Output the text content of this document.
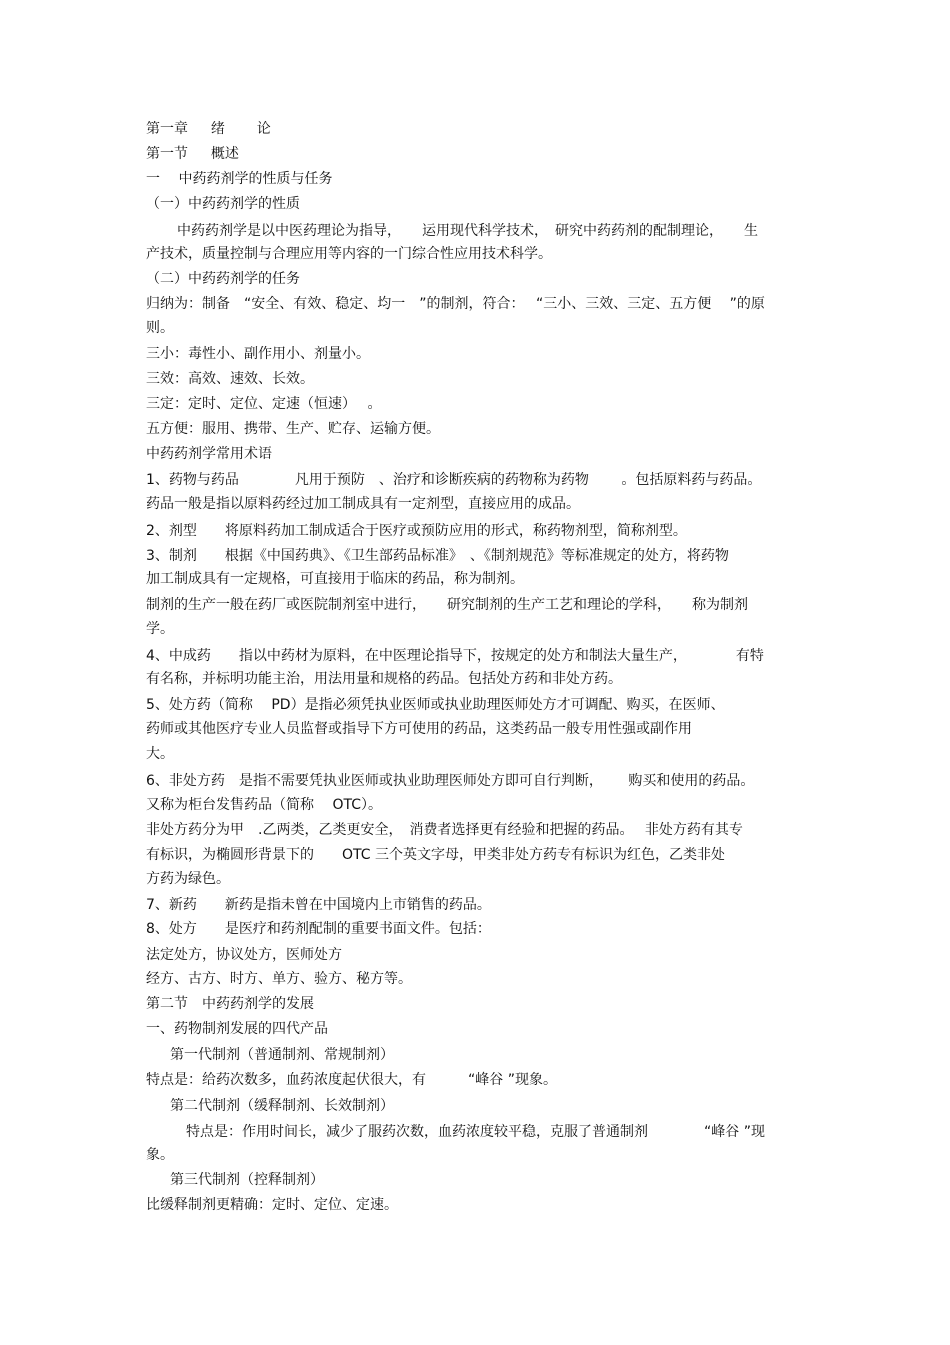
第一章　  绪　    论
第一节　  概述
一　 中药药剂学的性质与任务
（一）中药药剂学的性质
中药药剂学是以中医药理论为指导，　　运用现代科学技术，　研究中药药剂的配制理论，　　生
产技术，质量控制与合理应用等内容的一门综合性应用技术科学。
（二）中药药剂学的任务
归纳为：制备　“安全、有效、稳定、均一　”的制剂，符合：　 “三小、三效、三定、五方便　 ”的原
则。
三小：毒性小、副作用小、剂量小。
三效：高效、速效、长效。
三定：定时、定位、定速（恒速）　 。
五方便：服用、携带、生产、贮存、运输方便。
中药药剂学常用术语
1、药物与药品　　　　凡用于预防　、治疗和诊断疾病的药物称为药物　　 。包括原料药与药品。
药品一般是指以原料药经过加工制成具有一定剂型，直接应用的成品。
2、剂型　　将原料药加工制成适合于医疗或预防应用的形式，称药物剂型，简称剂型。
3、制剂　　根据《中国药典》、《卫生部药品标准》　、《制剂规范》等标准规定的处方，将药物
加工制成具有一定规格，可直接用于临床的药品，称为制剂。
制剂的生产一般在药厂或医院制剂室中进行，　　研究制剂的生产工艺和理论的学科，　　称为制剂
学。
4、中成药　　指以中药材为原料，在中医理论指导下，按规定的处方和制法大量生产，　　　　有特
有名称，并标明功能主治，用法用量和规格的药品。包括处方药和非处方药。
5、处方药（简称　 PD）是指必须凭执业医师或执业助理医师处方才可调配、购买，在医师、
药师或其他医疗专业人员监督或指导下方可使用的药品，这类药品一般专用性强或副作用
大。
6、非处方药　是指不需要凭执业医师或执业助理医师处方即可自行判断，　　 购买和使用的药品。
又称为柜台发售药品（简称　 OTC）。
非处方药分为甲　.乙两类，乙类更安全，　消费者选择更有经验和把握的药品。　 非处方药有其专
有标识，为椭圆形背景下的　　OTC 三个英文字母，甲类非处方药专有标识为红色，乙类非处
方药为绿色。
7、新药　　新药是指未曾在中国境内上市销售的药品。
8、处方　　是医疗和药剂配制的重要书面文件。包括：
法定处方，协议处方，医师处方
经方、古方、时方、单方、验方、秘方等。
第二节　中药药剂学的发展
一、药物制剂发展的四代产品
第一代制剂（普通制剂、常规制剂）
特点是：给药次数多，血药浓度起伏很大，有　　　“峰谷 ”现象。
第二代制剂（缓释制剂、长效制剂）
特点是：作用时间长，减少了服药次数，血药浓度较平稳，克服了普通制剂　　　　“峰谷 ”现
象。
第三代制剂（控释制剂）
比缓释制剂更精确：定时、定位、定速。
